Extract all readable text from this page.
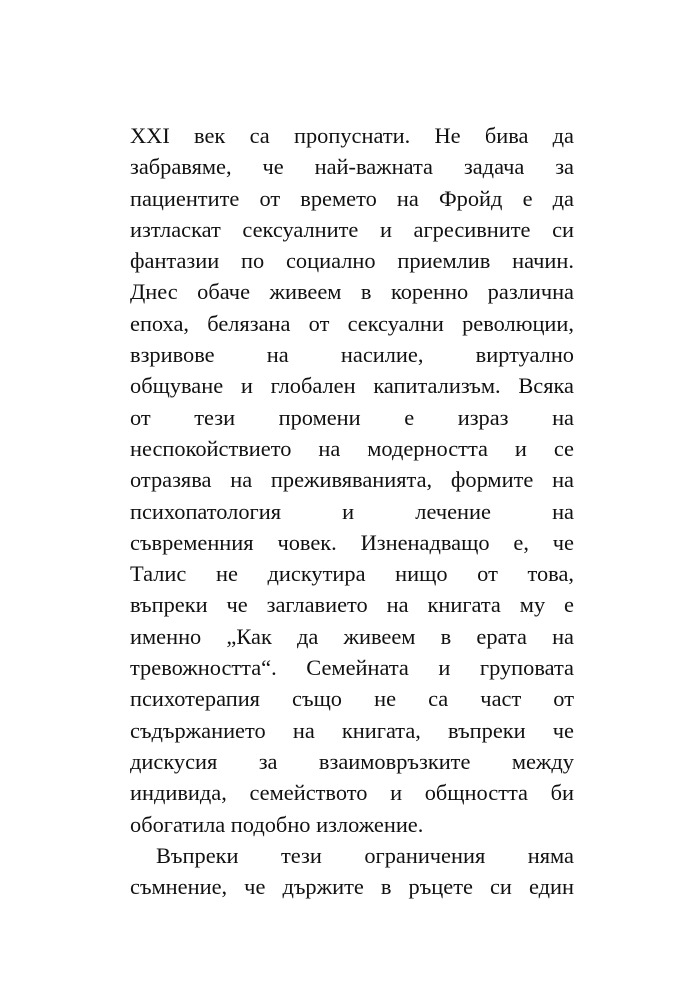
XXI век са пропуснати. Не бива да
забравяме, че най-важната задача за
пациентите от времето на Фройд е да
изтласкат сексуалните и агресивните си
фантазии по социално приемлив начин.
Днес обаче живеем в коренно различна
епоха, белязана от сексуални революции,
взривове на насилие, виртуално
общуване и глобален капитализъм. Всяка
от тези промени е израз на
неспокойствието на модерността и се
отразява на преживяванията, формите на
психопатология и лечение на
съвременния човек. Изненадващо е, че
Талис не дискутира нищо от това,
въпреки че заглавието на книгата му е
именно „Как да живеем в ерата на
тревожността“. Семейната и груповата
психотерапия също не са част от
съдържанието на книгата, въпреки че
дискусия за взаимовръзките между
индивида, семейството и общността би
обогатила подобно изложение.
Въпреки тези ограничения няма
съмнение, че държите в ръцете си един
